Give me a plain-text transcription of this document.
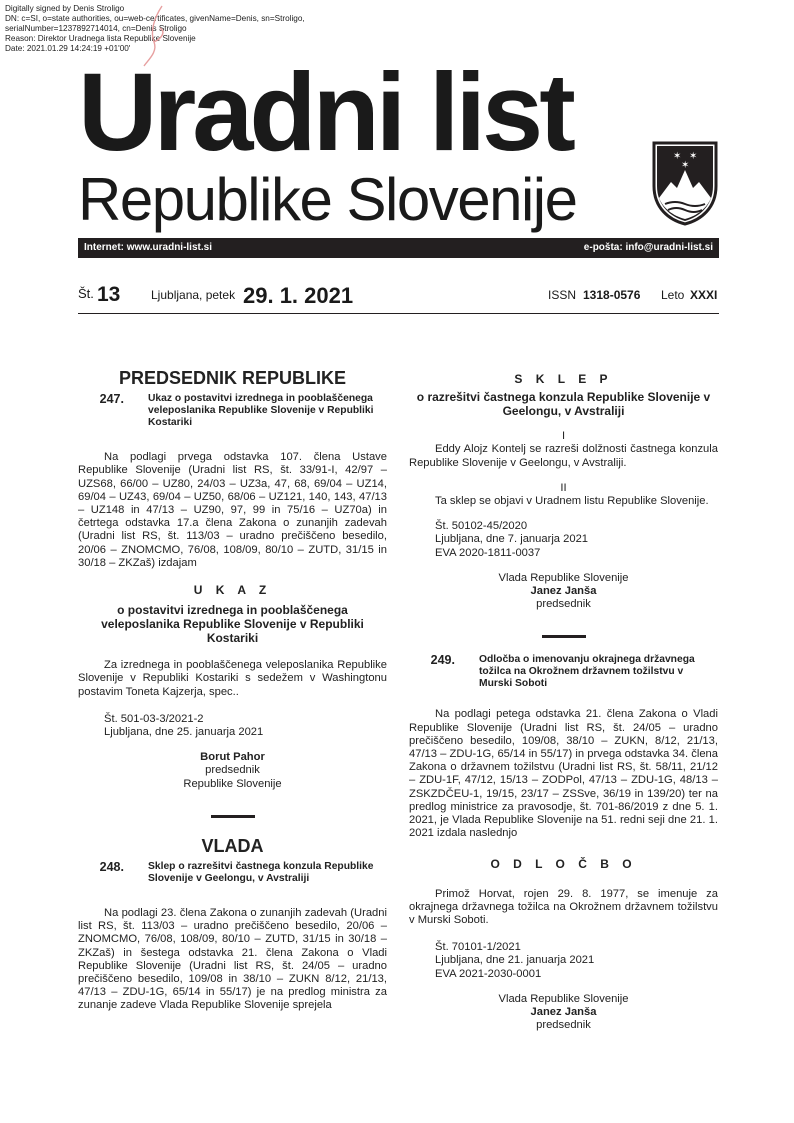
Digitally signed by Denis Stroligo
DN: c=SI, o=state authorities, ou=web-certificates, givenName=Denis, sn=Stroligo,
serialNumber=1237892714014, cn=Denis Stroligo
Reason: Direktor Uradnega lista Republike Slovenije
Date: 2021.01.29 14:24:19 +01'00'
Uradni list
Republike Slovenije
✶ ✶
✶
Internet: www.uradni-list.si	e-pošta: info@uradni-list.si
Št. 13	Ljubljana, petek 29. 1. 2021	ISSN 1318-0576 Leto XXXI
PREDSEDNIK REPUBLIKE
247.	Ukaz o postavitvi izrednega in pooblaščenega veleposlanika Republike Slovenije v Republiki Kostariki

Na podlagi prvega odstavka 107. člena Ustave Republike Slovenije (Uradni list RS, št. 33/91-I, 42/97 – UZS68, 66/00 – UZ80, 24/03 – UZ3a, 47, 68, 69/04 – UZ14, 69/04 – UZ43, 69/04 – UZ50, 68/06 – UZ121, 140, 143, 47/13 – UZ148 in 47/13 – UZ90, 97, 99 in 75/16 – UZ70a) in četrtega odstavka 17.a člena Zakona o zunanjih zadevah (Uradni list RS, št. 113/03 – uradno prečiščeno besedilo, 20/06 – ZNOMCMO, 76/08, 108/09, 80/10 – ZUTD, 31/15 in 30/18 – ZKZaš) izdajam

U K A Z
o postavitvi izrednega in pooblaščenega veleposlanika Republike Slovenije v Republiki Kostariki

Za izrednega in pooblaščenega veleposlanika Republike Slovenije v Republiki Kostariki s sedežem v Washingtonu postavim Toneta Kajzerja, spec..

Št. 501-03-3/2021-2

Ljubljana, dne 25. januarja 2021

Borut Pahor

predsednik

Republike Slovenije

VLADA
248.	Sklep o razrešitvi častnega konzula Republike Slovenije v Geelongu, v Avstraliji

Na podlagi 23. člena Zakona o zunanjih zadevah (Uradni list RS, št. 113/03 – uradno prečiščeno besedilo, 20/06 – ZNOMCMO, 76/08, 108/09, 80/10 – ZUTD, 31/15 in 30/18 – ZKZaš) in šestega odstavka 21. člena Zakona o Vladi Republike Slovenije (Uradni list RS, št. 24/05 – uradno prečiščeno besedilo, 109/08 in 38/10 – ZUKN 8/12, 21/13, 47/13 – ZDU-1G, 65/14 in 55/17) je na predlog ministra za zunanje zadeve Vlada Republike Slovenije sprejela

S K L E P
o razrešitvi častnega konzula Republike Slovenije v Geelongu, v Avstraliji

I

Eddy Alojz Kontelj se razreši dolžnosti častnega konzula Republike Slovenije v Geelongu, v Avstraliji.

II

Ta sklep se objavi v Uradnem listu Republike Slovenije.

Št. 50102-45/2020

Ljubljana, dne 7. januarja 2021

EVA 2020-1811-0037

Vlada Republike Slovenije

Janez Janša

predsednik

249.	Odločba o imenovanju okrajnega državnega tožilca na Okrožnem državnem tožilstvu v Murski Soboti

Na podlagi petega odstavka 21. člena Zakona o Vladi Republike Slovenije (Uradni list RS, št. 24/05 – uradno prečiščeno besedilo, 109/08, 38/10 – ZUKN, 8/12, 21/13, 47/13 – ZDU-1G, 65/14 in 55/17) in prvega odstavka 34. člena Zakona o državnem tožilstvu (Uradni list RS, št. 58/11, 21/12 – ZDU-1F, 47/12, 15/13 – ZODPol, 47/13 – ZDU-1G, 48/13 – ZSKZDČEU-1, 19/15, 23/17 – ZSSve, 36/19 in 139/20) ter na predlog ministrice za pravosodje, št. 701-86/2019 z dne 5. 1. 2021, je Vlada Republike Slovenije na 51. redni seji dne 21. 1. 2021 izdala naslednjo

O D L O Č B O

Primož Horvat, rojen 29. 8. 1977, se imenuje za okrajnega državnega tožilca na Okrožnem državnem tožilstvu v Murski Soboti.

Št. 70101-1/2021

Ljubljana, dne 21. januarja 2021

EVA 2021-2030-0001

Vlada Republike Slovenije

Janez Janša

predsednik
